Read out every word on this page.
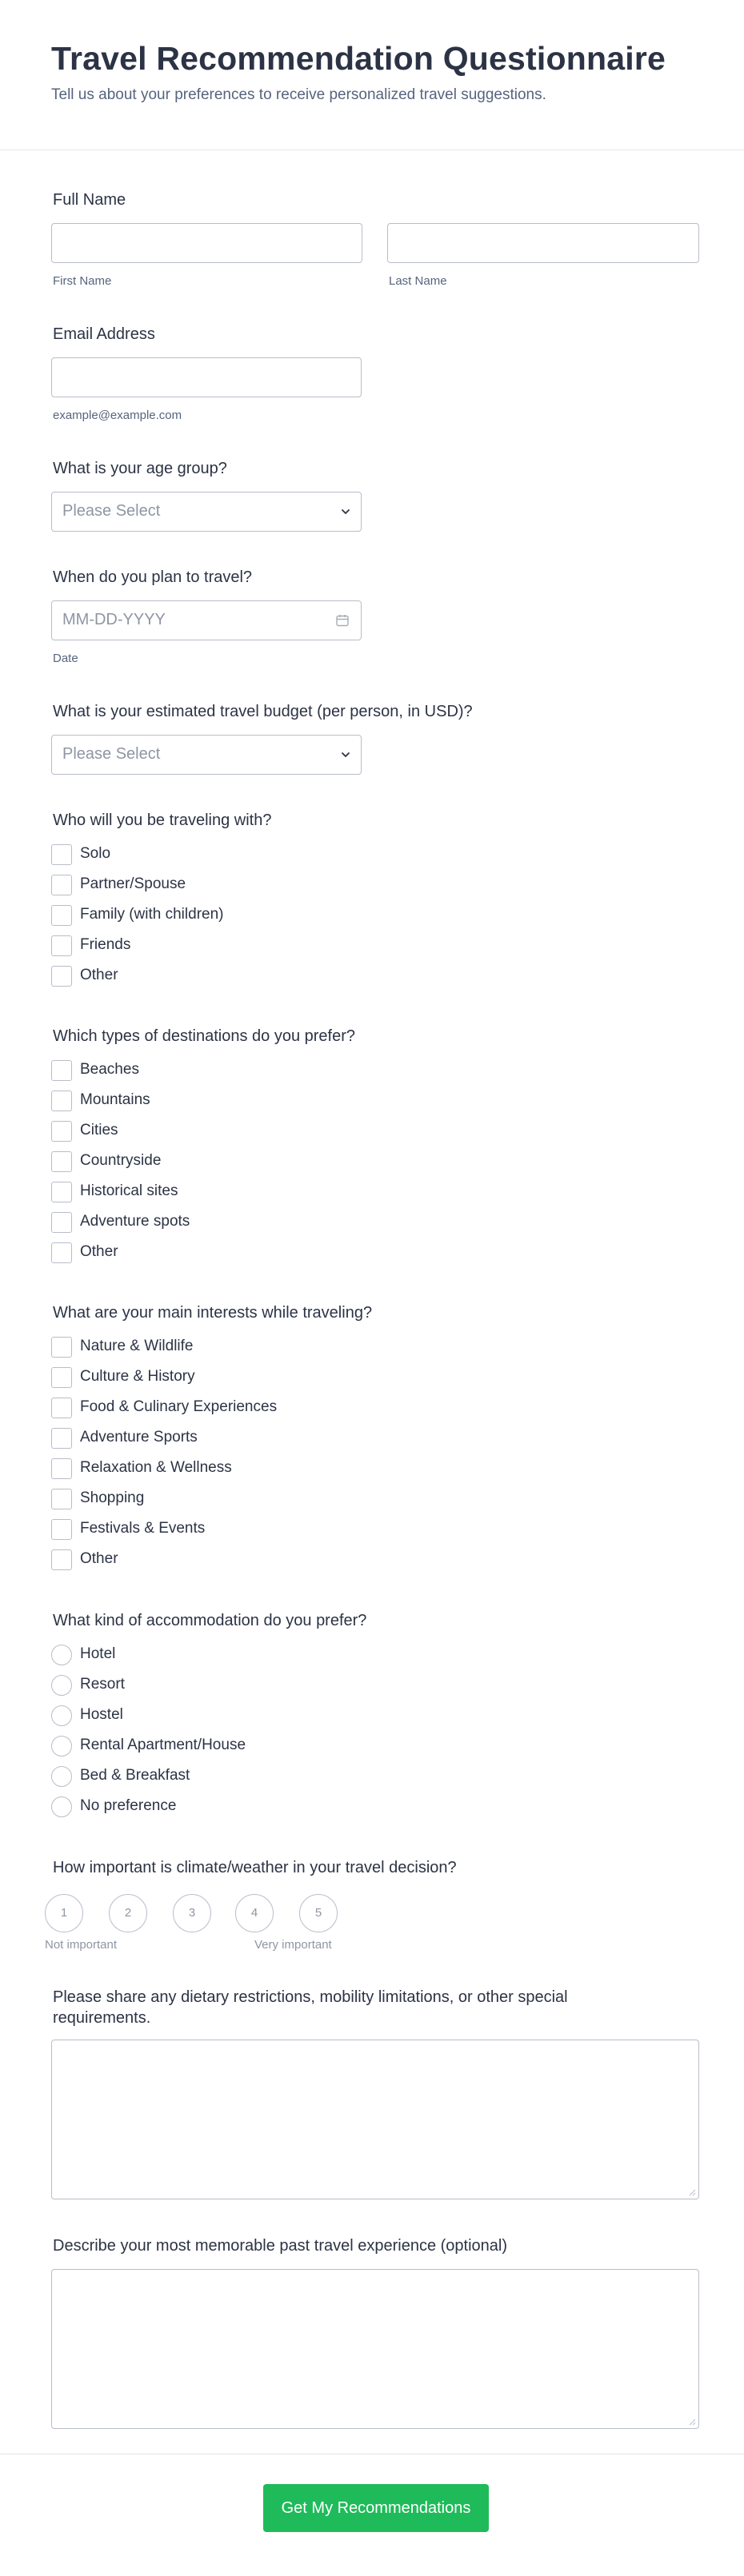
Travel Recommendation Questionnaire
Tell us about your preferences to receive personalized travel suggestions.
Full Name
First Name	Last Name
Email Address
example@example.com
What is your age group?
Please Select
When do you plan to travel?
MM-DD-YYYY
Date
What is your estimated travel budget (per person, in USD)?
Please Select
Who will you be traveling with?
Solo
Partner/Spouse
Family (with children)
Friends
Other
Which types of destinations do you prefer?
Beaches
Mountains
Cities
Countryside
Historical sites
Adventure spots
Other
What are your main interests while traveling?
Nature & Wildlife
Culture & History
Food & Culinary Experiences
Adventure Sports
Relaxation & Wellness
Shopping
Festivals & Events
Other
What kind of accommodation do you prefer?
Hotel
Resort
Hostel
Rental Apartment/House
Bed & Breakfast
No preference
How important is climate/weather in your travel decision?
1	2	3	4	5
Not important	Very important
Please share any dietary restrictions, mobility limitations, or other special
requirements.
Describe your most memorable past travel experience (optional)
Get My Recommendations
